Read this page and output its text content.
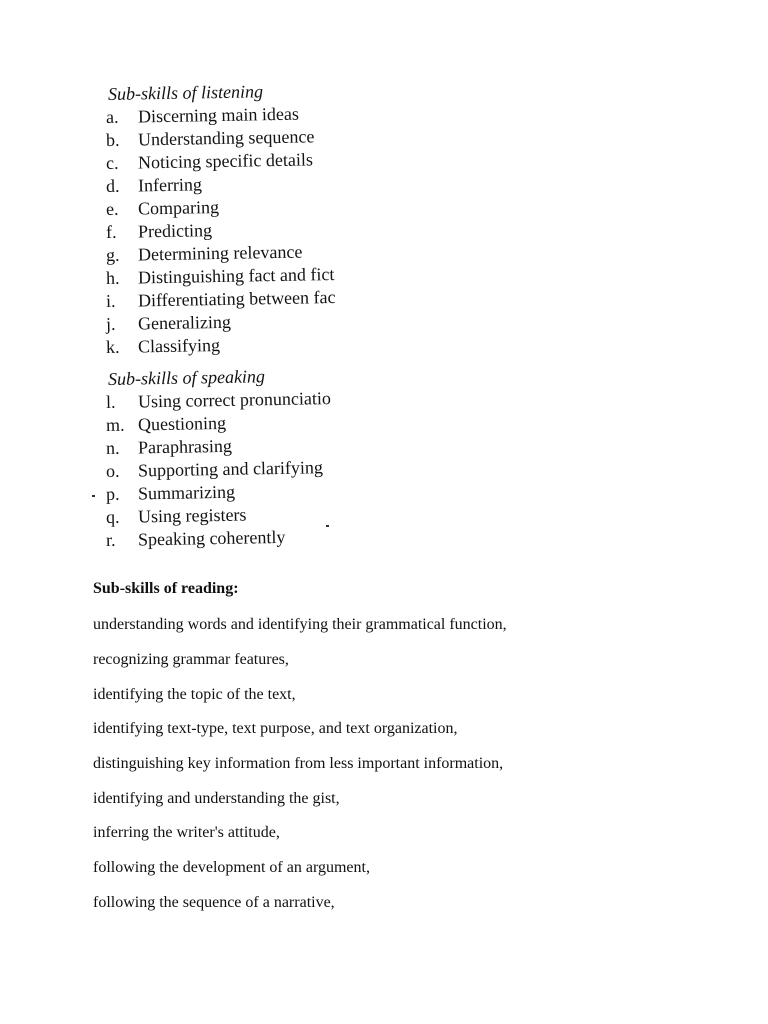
Sub-skills of listening
a. Discerning main ideas
b. Understanding sequence
c. Noticing specific details
d. Inferring
e. Comparing
f. Predicting
g. Determining relevance
h. Distinguishing fact and fict
i. Differentiating between fac
j. Generalizing
k. Classifying
Sub-skills of speaking
l. Using correct pronunciatio
m. Questioning
n. Paraphrasing
o. Supporting and clarifying
p. Summarizing
q. Using registers
r. Speaking coherently
Sub-skills of reading:

understanding words and identifying their grammatical function,

recognizing grammar features,

identifying the topic of the text,

identifying text-type, text purpose, and text organization,

distinguishing key information from less important information,

identifying and understanding the gist,

inferring the writer's attitude,

following the development of an argument,

following the sequence of a narrative,
